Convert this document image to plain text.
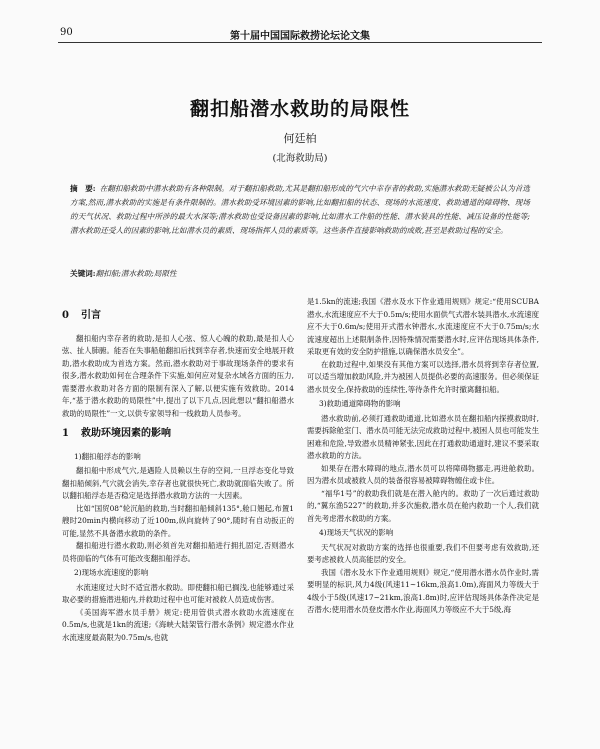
90	第十届中国国际救捞论坛论文集
翻扣船潜水救助的局限性
何廷柏
(北海救助局)
摘　要: 在翻扣船救助中潜水救助有各种限制。对于翻扣船救助,尤其是翻扣船形成的气穴中幸存者的救助,实施潜水救助无疑被公认为首选方案,然而,潜水救助的实施是有条件限制的。潜水救助受环境因素的影响,比如翻扣船的状态、现场的水流速度、救助通道的障碍物、现场的天气状况、救助过程中所涉的最大水深等;潜水救助也受设备因素的影响,比如潜水工作船的性能、潜水装具的性能、减压设备的性能等;潜水救助还受人的因素的影响,比如潜水员的素质、现场指挥人员的素质等。这些条件直接影响救助的成败,甚至是救助过程的安全。
关键词:翻扣船;潜水救助;局限性
0 引言

翻扣船内幸存者的救助,是扣人心弦、惊人心魄的救助,最是扣人心弦、扯人肺腑。能否在失事船舶翻扣后找到幸存者,快速而安全地展开救助,潜水救助成为首选方案。然而,潜水救助对于事故现场条件的要求有很多,潜水救助如何在合理条件下实施,如何应对复杂水域各方面的压力,需要潜水救助对各方面的限制有深入了解,以便实施有效救助。2014年,“基于潜水救助的局限性”中,提出了以下几点,因此想以“翻扣船潜水救助的局限性”一文,以供专家领导和一线救助人员参考。

1 救助环境因素的影响
1)翻扣船浮态的影响

翻扣船中形成气穴,是遇险人员赖以生存的空间,一旦浮态变化导致翻扣船倾斜,气穴就会消失,幸存者也就很快死亡,救助就面临失败了。所以翻扣船浮态是否稳定是选择潜水救助方法的一大因素。

比如“国贸08”轮沉船的救助,当时翻扣船倾斜135°,舱口翘起,布置1艘时20min内横向移动了近100m,纵向旋转了90°,随时有自动扳正的可能,显然不具备潜水救助的条件。

翻扣船进行潜水救助,则必须首先对翻扣船进行拥扎固定,否则潜水员将面临的气体有可能改变翻扣船浮态。

2)现场水流速度的影响

水流速度过大时不适宜潜水救助。即使翻扣船已搁浅,也能够通过采取必要的措施潜进船内,并救助过程中也可能对被救人员造成伤害。

《美国海军潜水员手册》规定:使用管供式潜水救助水流速度在0.5m/s,也就是1kn的流速;《海峡大陆架管行潜水条例》规定潜水作业水流速度最高限为0.75m/s,也就

是1.5kn的流速;我国《潜水及水下作业通用规则》规定:“使用SCUBA潜水,水流速度应不大于0.5m/s;使用水面供气式潜水装具潜水,水流速度应不大于0.6m/s;使用开式潜水钟潜水,水流速度应不大于0.75m/s;水流速度超出上述限制条件,因特殊情况需要潜水时,应评估现场具体条件,采取更有效的安全防护措施,以确保潜水员安全”。

在救助过程中,如果没有其他方案可以选择,潜水员将到幸存者位置,可以适当增加救助风险,并为被困人员提供必要的高速服务。但必须保证潜水员安全,保持救助的连续性,等待条件允许时撤离翻扣船。

3)救助通道障碍物的影响

潜水救助前,必须打通救助通道,比如潜水员在翻扣船内探摸救助时,需要拆除舱室门、潜水员可能无法完成救助过程中,被困人员也可能发生困难和危险,导致潜水员精神紧张,因此在打通救助通道时,建议不要采取潜水救助的方法。

如果存在潜水障碍的地点,潜水员可以将障碍物挪走,再进舱救助。因为潜水员或被救人员的装备很容易被障碍物缠住或卡住。

“福华1号”的救助我们就是在潜入舱内的。救助了一次后通过救助的,“翼东渔5227”的救助,并多次施救,潜水员在舱内救助一个人,我们就首先考虑潜水救助的方案。

4)现场天气状况的影响

天气状况对救助方案的选择也很重要,我们不但要考虑有效救助,还要考虑被救人员高能层的安全。

我国《潜水及水下作业通用规则》规定,“使用潜水潜水员作业时,需要明显的标识,风力4级(风速11~16km,浪高1.0m),海面风力等级大于4级小于5级(风速17~21km,浪高1.8m)时,应评估现场具体条件决定是否潜水;使用潜水员登皮潜水作业,海面风力等级应不大于5级,海
